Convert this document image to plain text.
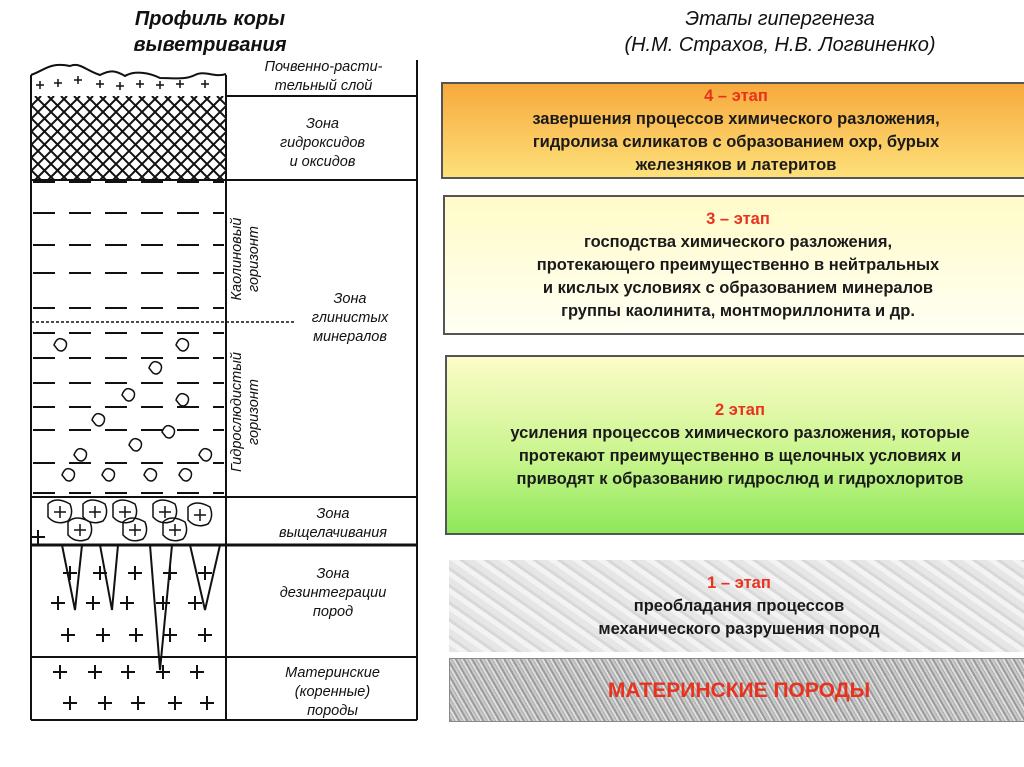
Профиль коры
выветривания
Этапы гипергенеза
(Н.М. Страхов, Н.В. Логвиненко)
Почвенно-расти-
тельный слой
Зона
гидроксидов
и оксидов
Зона
глинистых
минералов
Зона
выщелачивания
Зона
дезинтеграции
пород
Материнские
(коренные)
породы
Каолиновый горизонт
Гидрослюдистый горизонт
4 – этап
завершения процессов химического разложения,
гидролиза силикатов с образованием охр, бурых
железняков и латеритов
3 – этап
господства химического разложения,
протекающего преимущественно в нейтральных
и кислых условиях с образованием минералов
группы каолинита, монтмориллонита и др.
2 этап
усиления процессов химического разложения, которые
протекают преимущественно в щелочных условиях и
приводят к образованию гидрослюд и гидрохлоритов
1 – этап
преобладания процессов
механического разрушения пород
МАТЕРИНСКИЕ ПОРОДЫ
